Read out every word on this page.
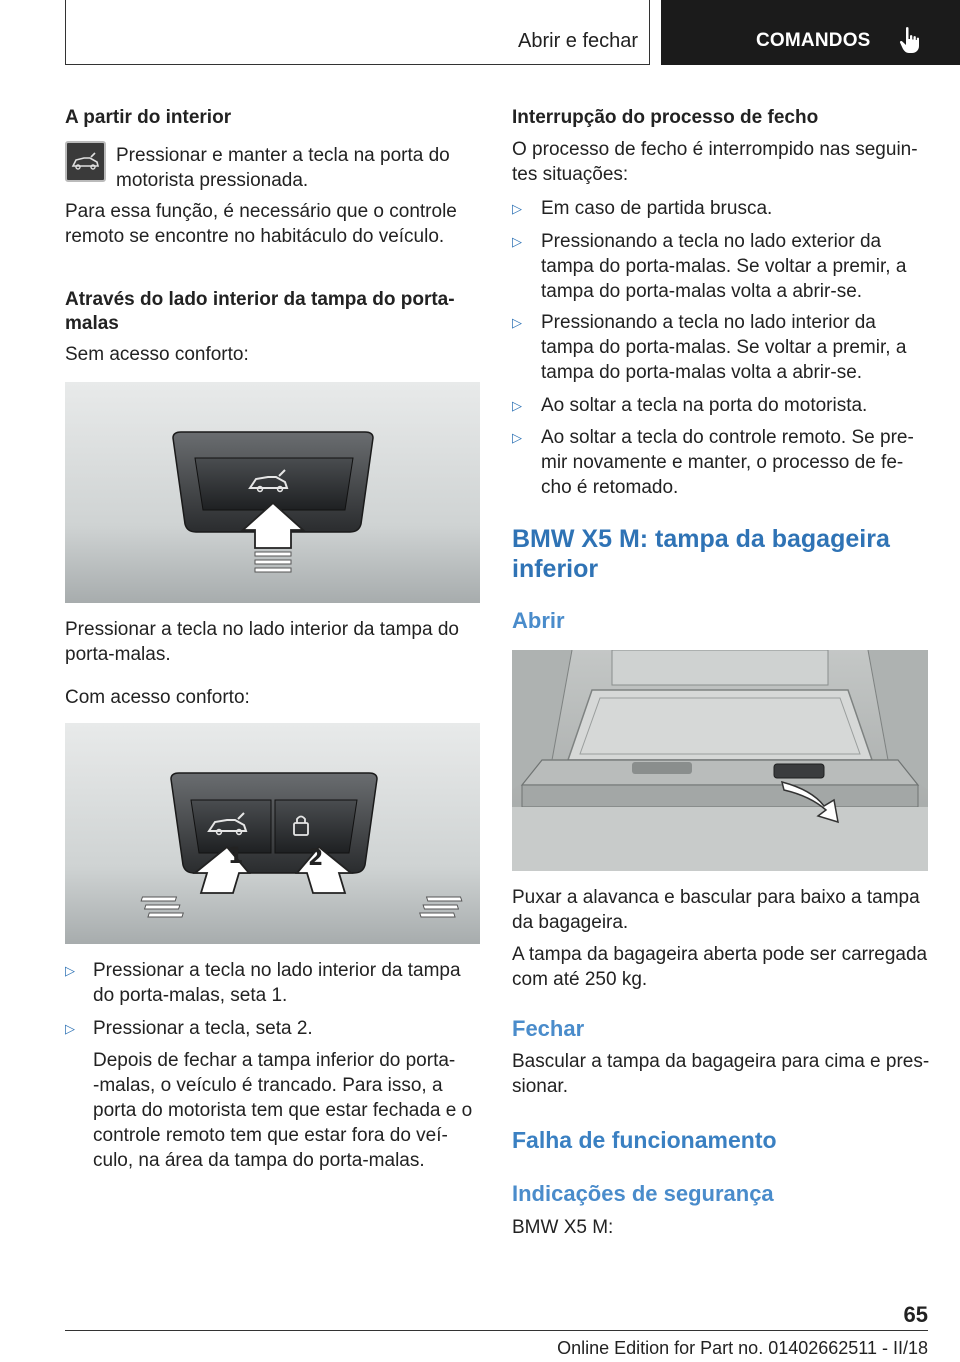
Abrir e fechar	COMANDOS
A partir do interior
Pressionar e manter a tecla na porta do
motorista pressionada.
Para essa função, é necessário que o controle
remoto se encontre no habitáculo do veículo.
Através do lado interior da tampa do porta-
malas
Sem acesso conforto:
Pressionar a tecla no lado interior da tampa do
porta-malas.
Com acesso conforto:
1	2
▷ Pressionar a tecla no lado interior da tampa
do porta-malas, seta 1.
▷ Pressionar a tecla, seta 2.
Depois de fechar a tampa inferior do porta-
-malas, o veículo é trancado. Para isso, a
porta do motorista tem que estar fechada e o
controle remoto tem que estar fora do veí-
culo, na área da tampa do porta-malas.
Interrupção do processo de fecho
O processo de fecho é interrompido nas seguin-
tes situações:
▷ Em caso de partida brusca.
▷ Pressionando a tecla no lado exterior da
tampa do porta-malas. Se voltar a premir, a
tampa do porta-malas volta a abrir-se.
▷ Pressionando a tecla no lado interior da
tampa do porta-malas. Se voltar a premir, a
tampa do porta-malas volta a abrir-se.
▷ Ao soltar a tecla na porta do motorista.
▷ Ao soltar a tecla do controle remoto. Se pre-
mir novamente e manter, o processo de fe-
cho é retomado.
BMW X5 M: tampa da bagageira
inferior
Abrir
Puxar a alavanca e bascular para baixo a tampa
da bagageira.
A tampa da bagageira aberta pode ser carregada
com até 250 kg.
Fechar
Bascular a tampa da bagageira para cima e pres-
sionar.
Falha de funcionamento
Indicações de segurança
BMW X5 M:
65
Online Edition for Part no. 01402662511 - II/18
